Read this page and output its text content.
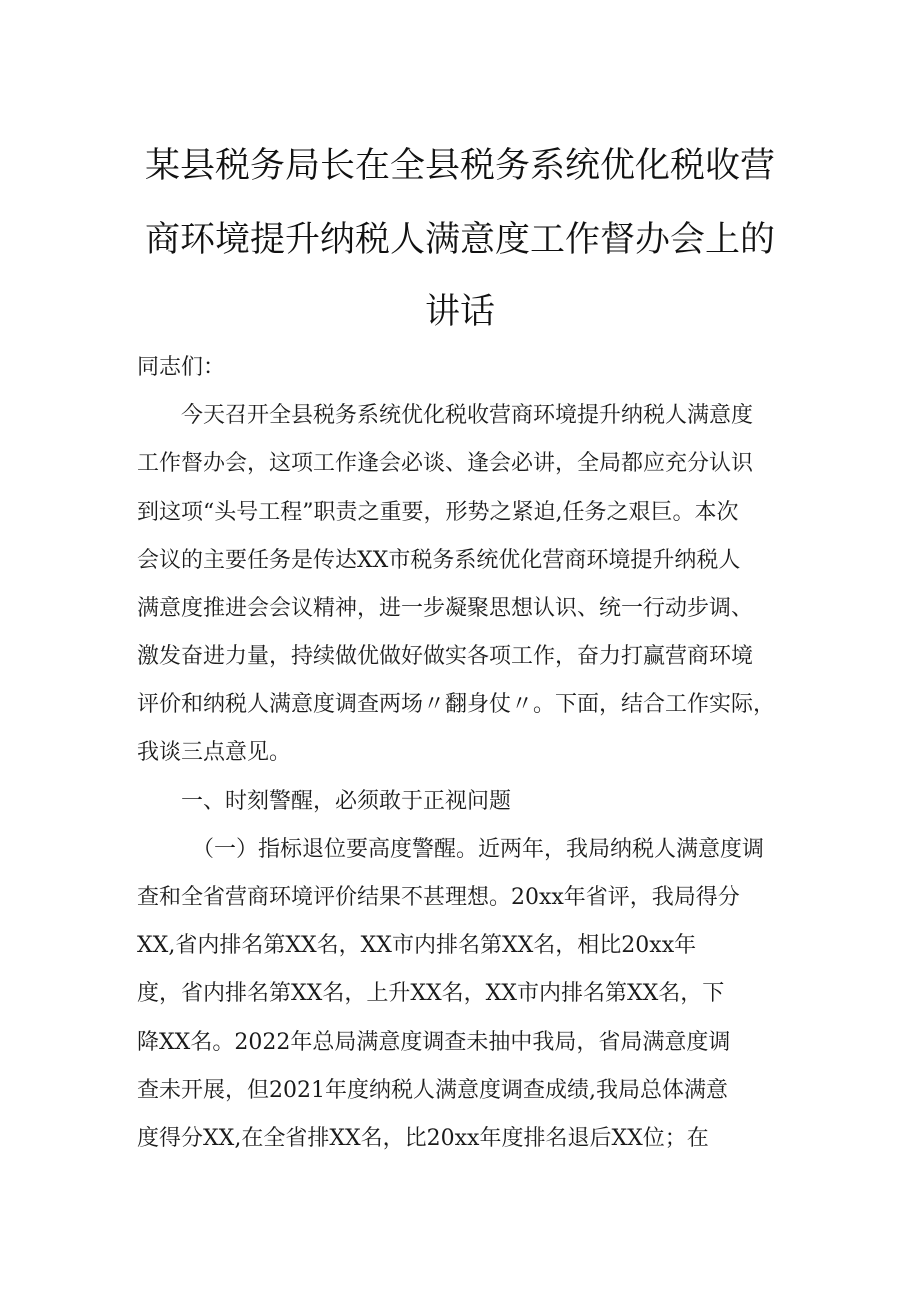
某县税务局长在全县税务系统优化税收营
商环境提升纳税人满意度工作督办会上的
讲话
同志们：
今天召开全县税务系统优化税收营商环境提升纳税人满意度
工作督办会，这项工作逢会必谈、逢会必讲，全局都应充分认识
到这项“头号工程”职责之重要，形势之紧迫,任务之艰巨。本次
会议的主要任务是传达XX市税务系统优化营商环境提升纳税人
满意度推进会会议精神，进一步凝聚思想认识、统一行动步调、
激发奋进力量，持续做优做好做实各项工作，奋力打赢营商环境
评价和纳税人满意度调查两场〃翻身仗〃。下面，结合工作实际，
我谈三点意见。
一、时刻警醒，必须敢于正视问题
（一）指标退位要高度警醒。近两年，我局纳税人满意度调
查和全省营商环境评价结果不甚理想。20xx年省评，我局得分
XX,省内排名第XX名，XX市内排名第XX名，相比20xx年
度，省内排名第XX名，上升XX名，XX市内排名第XX名，下
降XX名。2022年总局满意度调查未抽中我局，省局满意度调
查未开展，但2021年度纳税人满意度调查成绩,我局总体满意
度得分XX,在全省排XX名，比20xx年度排名退后XX位；在
